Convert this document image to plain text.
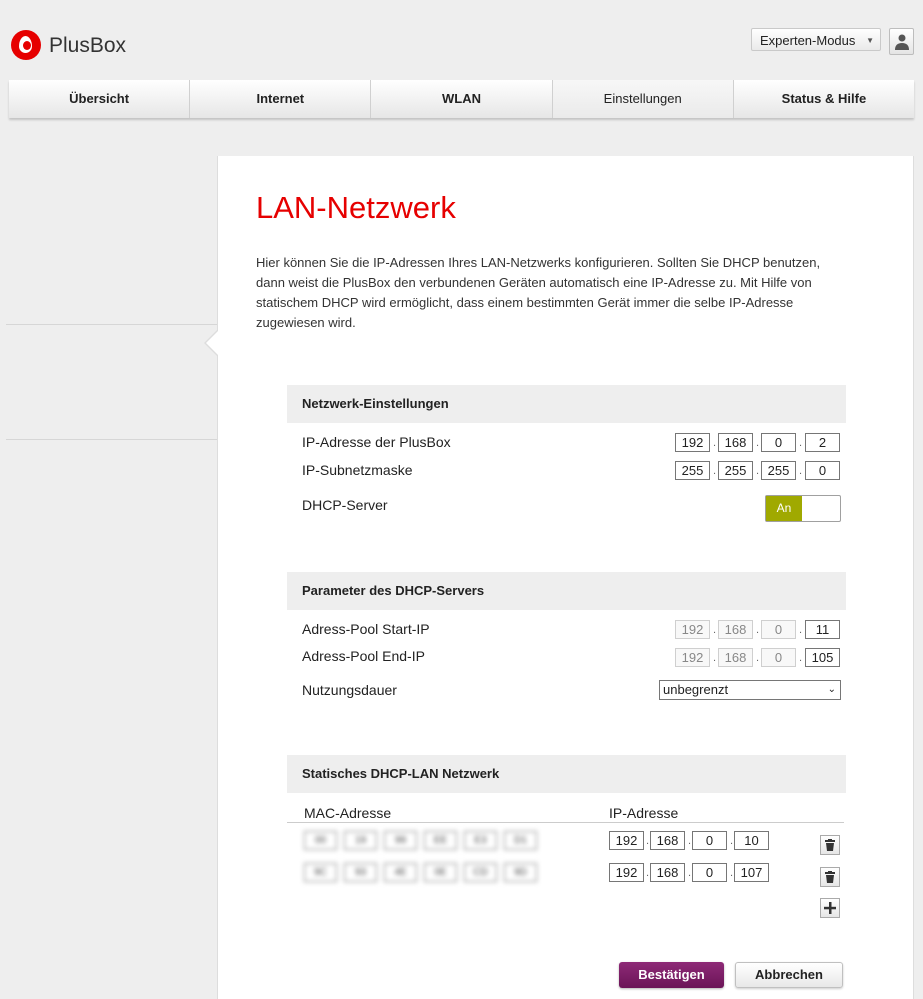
PlusBox	Experten-Modus ▼
Übersicht	Internet	WLAN	Einstellungen	Status & Hilfe
LAN-Netzwerk
Hier können Sie die IP-Adressen Ihres LAN-Netzwerks konfigurieren. Sollten Sie DHCP benutzen, dann weist die PlusBox den verbundenen Geräten automatisch eine IP-Adresse zu. Mit Hilfe von statischem DHCP wird ermöglicht, dass einem bestimmten Gerät immer die selbe IP-Adresse zugewiesen wird.
Netzwerk-Einstellungen
IP-Adresse der PlusBox	192 . 168 .	0	.	2
IP-Subnetzmaske	255 . 255 . 255 .	0
DHCP-Server	An
Parameter des DHCP-Servers
Adress-Pool Start-IP	192 . 168 .	0	.	11
Adress-Pool End-IP	192 . 168 .	0	. 105
Nutzungsdauer	unbegrenzt	⌄
Statisches DHCP-LAN Netzwerk
MAC-Adresse	IP-Adresse
00	19	99	EE	E3	D1	192 . 168 .	0	. 10
9C	93	4E	0E	CD	9D	192 . 168 .	0	. 107
Bestätigen	Abbrechen
